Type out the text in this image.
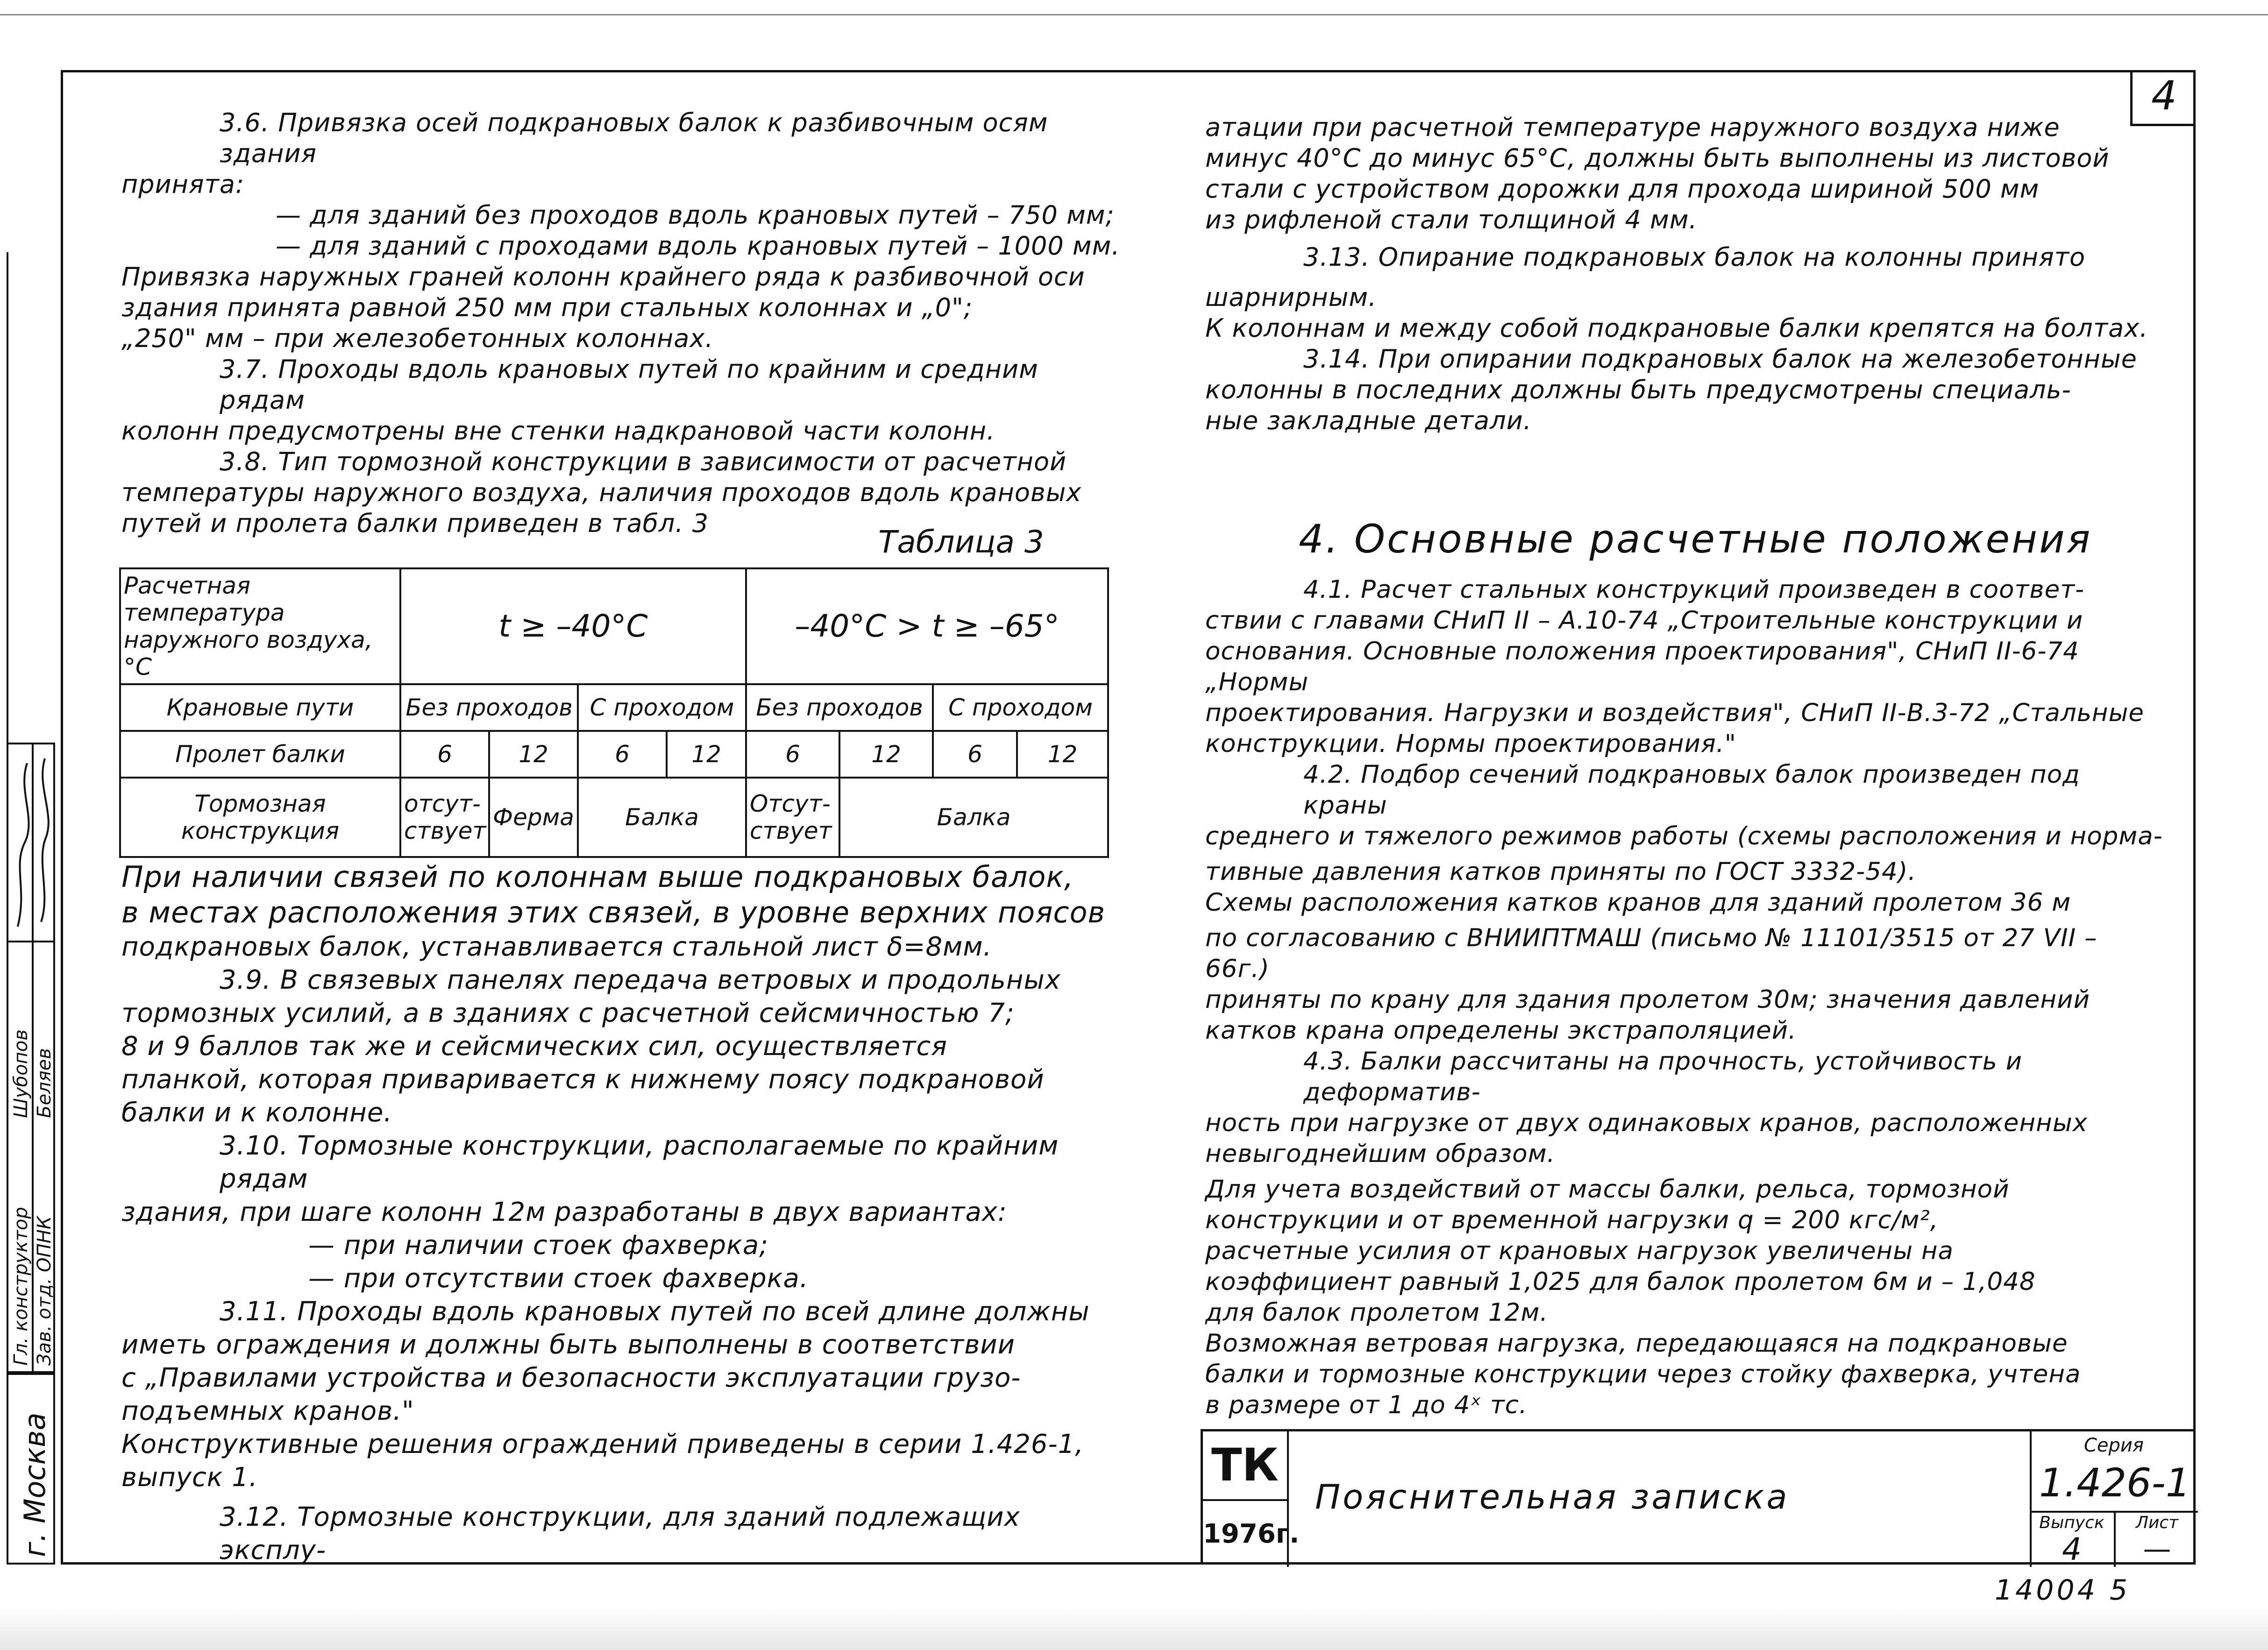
4
Гл. конструктор Зав. отд. ОПНК
Шубопов Беляев
г. Москва

3.6. Привязка осей подкрановых балок к разбивочным осям здания

принята:

— для зданий без проходов вдоль крановых путей – 750 мм;

— для зданий с проходами вдоль крановых путей – 1000 мм.

Привязка наружных граней колонн крайнего ряда к разбивочной оси

здания принята равной 250 мм при стальных колоннах и „0";

„250" мм – при железобетонных колоннах.

3.7. Проходы вдоль крановых путей по крайним и средним рядам

колонн предусмотрены вне стенки надкрановой части колонн.

3.8. Тип тормозной конструкции в зависимости от расчетной

температуры наружного воздуха, наличия проходов вдоль крановых

путей и пролета балки приведен в табл. 3

Таблица 3
Расчетная температура наружного воздуха, °С	t ≥ –40°С				–40°С > t ≥ –65°			
Крановые пути	Без проходов		С проходом		Без проходов		С проходом	
Пролет балки	6	12	6	12	6	12	6	12
Тормозная конструкция	отсут-ствует	Ферма	Балка		Отсут-ствует	Балка		

При наличии связей по колоннам выше подкрановых балок,

в местах расположения этих связей, в уровне верхних поясов

подкрановых балок, устанавливается стальной лист δ=8мм.

3.9. В связевых панелях передача ветровых и продольных

тормозных усилий, а в зданиях с расчетной сейсмичностью 7;

8 и 9 баллов так же и сейсмических сил, осуществляется

планкой, которая приваривается к нижнему поясу подкрановой

балки и к колонне.

3.10. Тормозные конструкции, располагаемые по крайним рядам

здания, при шаге колонн 12м разработаны в двух вариантах:

— при наличии стоек фахверка;

— при отсутствии стоек фахверка.

3.11. Проходы вдоль крановых путей по всей длине должны

иметь ограждения и должны быть выполнены в соответствии

с „Правилами устройства и безопасности эксплуатации грузо-

подъемных кранов."

Конструктивные решения ограждений приведены в серии 1.426-1,

выпуск 1.

3.12. Тормозные конструкции, для зданий подлежащих эксплу-

атации при расчетной температуре наружного воздуха ниже

минус 40°С до минус 65°С, должны быть выполнены из листовой

стали с устройством дорожки для прохода шириной 500 мм

из рифленой стали толщиной 4 мм.

3.13. Опирание подкрановых балок на колонны принято

шарнирным.

К колоннам и между собой подкрановые балки крепятся на болтах.

3.14. При опирании подкрановых балок на железобетонные

колонны в последних должны быть предусмотрены специаль-

ные закладные детали.

4. Основные расчетные положения

4.1. Расчет стальных конструкций произведен в соответ-

ствии с главами СНиП II – А.10-74 „Строительные конструкции и

основания. Основные положения проектирования", СНиП II-6-74 „Нормы

проектирования. Нагрузки и воздействия", СНиП II-В.3-72 „Стальные

конструкции. Нормы проектирования."

4.2. Подбор сечений подкрановых балок произведен под краны

среднего и тяжелого режимов работы (схемы расположения и норма-

тивные давления катков приняты по ГОСТ 3332-54).

Схемы расположения катков кранов для зданий пролетом 36 м

по согласованию с ВНИИПТМАШ (письмо № 11101/3515 от 27 VII – 66г.)

приняты по крану для здания пролетом 30м; значения давлений

катков крана определены экстраполяцией.

4.3. Балки рассчитаны на прочность, устойчивость и деформатив-

ность при нагрузке от двух одинаковых кранов, расположенных

невыгоднейшим образом.

Для учета воздействий от массы балки, рельса, тормозной

конструкции и от временной нагрузки q = 200 кгс/м²,

расчетные усилия от крановых нагрузок увеличены на

коэффициент равный 1,025 для балок пролетом 6м и – 1,048

для балок пролетом 12м.

Возможная ветровая нагрузка, передающаяся на подкрановые

балки и тормозные конструкции через стойку фахверка, учтена

в размере от 1 до 4ˣ тс.

ТК
1976г.
Пояснительная записка
Серия
1.426-1
Выпуск
4
Лист
—
14004 5
